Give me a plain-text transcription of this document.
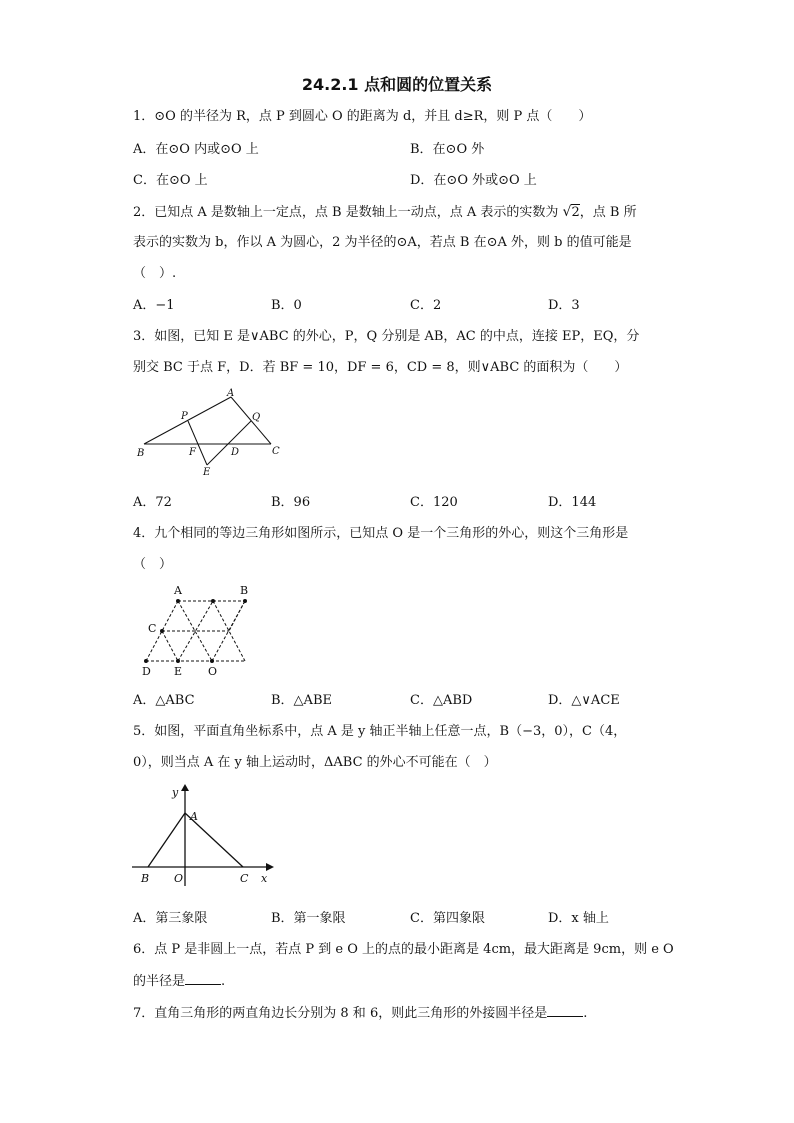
24.2.1 点和圆的位置关系
1．⊙O 的半径为 R，点 P 到圆心 O 的距离为 d，并且 d≥R，则 P 点（　　）
A．在⊙O 内或⊙O 上	B．在⊙O 外
C．在⊙O 上	D．在⊙O 外或⊙O 上
2．已知点 A 是数轴上一定点，点 B 是数轴上一动点，点 A 表示的实数为 √2，点 B 所
表示的实数为 b，作以 A 为圆心，2 为半径的⊙A，若点 B 在⊙A 外，则 b 的值可能是
（　）.
A．−1	B．0	C．2	D．3
3．如图，已知 E 是∨ABC 的外心，P，Q 分别是 AB，AC 的中点，连接 EP，EQ，分
别交 BC 于点 F，D．若 BF = 10，DF = 6，CD = 8，则∨ABC 的面积为（　　）
A
B	C
P	Q
F	D
E
A．72	B．96	C．120	D．144
4．九个相同的等边三角形如图所示，已知点 O 是一个三角形的外心，则这个三角形是
（　）
A	B
C
D E O
A．△ABC	B．△ABE	C．△ABD	D．△∨ACE
5．如图，平面直角坐标系中，点 A 是 y 轴正半轴上任意一点，B（−3，0），C（4，
0），则当点 A 在 y 轴上运动时，ΔABC 的外心不可能在（　）
y
A
B O	C x
A．第三象限	B．第一象限	C．第四象限	D．x 轴上
6．点 P 是非圆上一点，若点 P 到 e O 上的点的最小距离是 4cm，最大距离是 9cm，则 e O
的半径是	.
7．直角三角形的两直角边长分别为 8 和 6，则此三角形的外接圆半径是	.
